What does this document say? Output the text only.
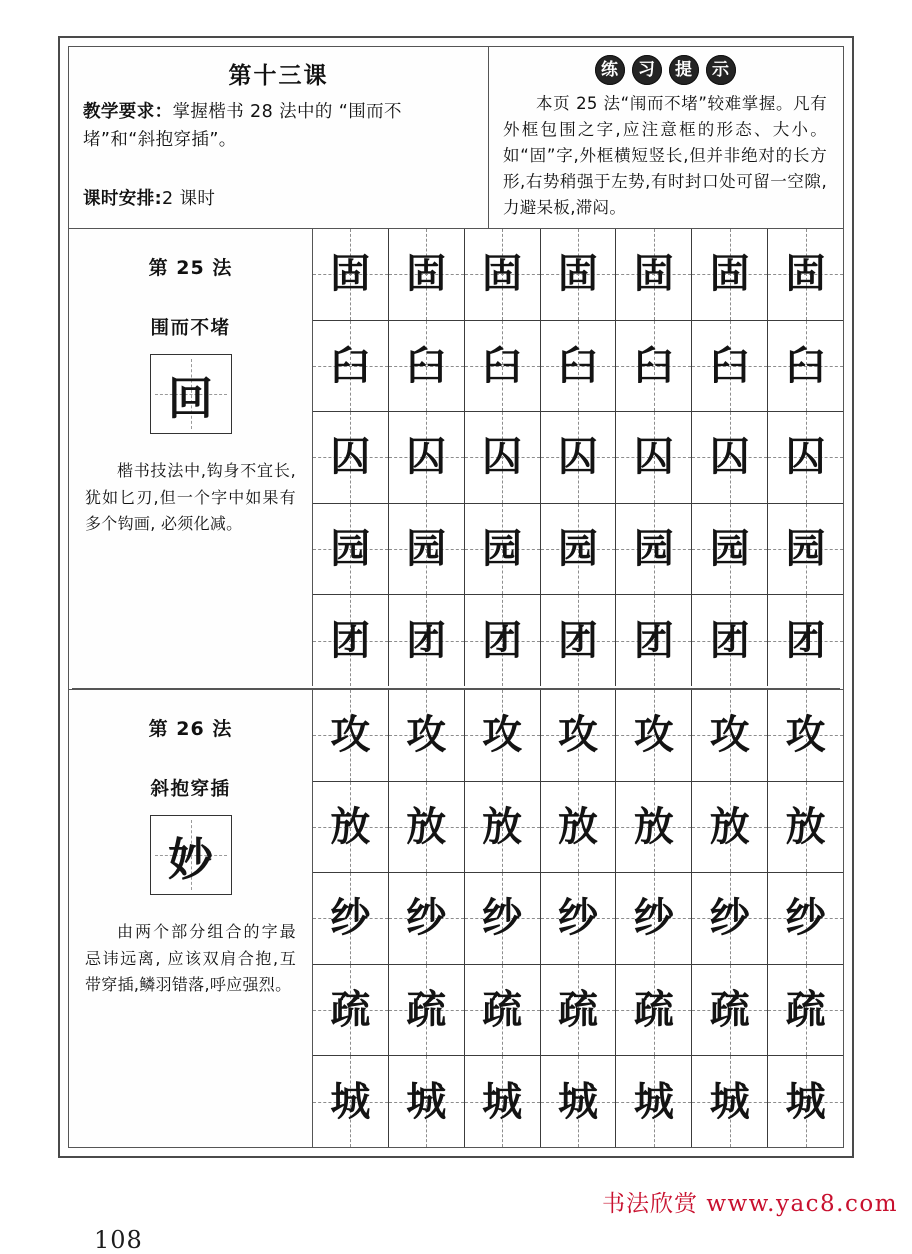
第十三课
教学要求：掌握楷书 28 法中的 “围而不堵”和“斜抱穿插”。
课时安排:2 课时
练	习	提	示
本页 25 法“闱而不堵”较难掌握。凡有外框包围之字,应注意框的形态、大小。如“固”字,外框横短竖长,但并非绝对的长方形,右势稍强于左势,有时封口处可留一空隙,力避呆板,滞闷。
第 25 法
围而不堵
回
楷书技法中,钩身不宜长,犹如匕刃,但一个字中如果有多个钩画, 必须化减。
固 固 固 固 固 固 固
臼 臼 臼 臼 臼 臼 臼
囚 囚 囚 囚 囚 囚 囚
园 园 园 园 园 园 园
团 团 团 团 团 团 团
第 26 法
斜抱穿插
妙
由两个部分组合的字最忌讳远离, 应该双肩合抱,互带穿插,鳞羽错落,呼应强烈。
攻 攻 攻 攻 攻 攻 攻
放 放 放 放 放 放 放
纱 纱 纱 纱 纱 纱 纱
疏 疏 疏 疏 疏 疏 疏
城 城 城 城 城 城 城
书法欣赏 www.yac8.com
108
